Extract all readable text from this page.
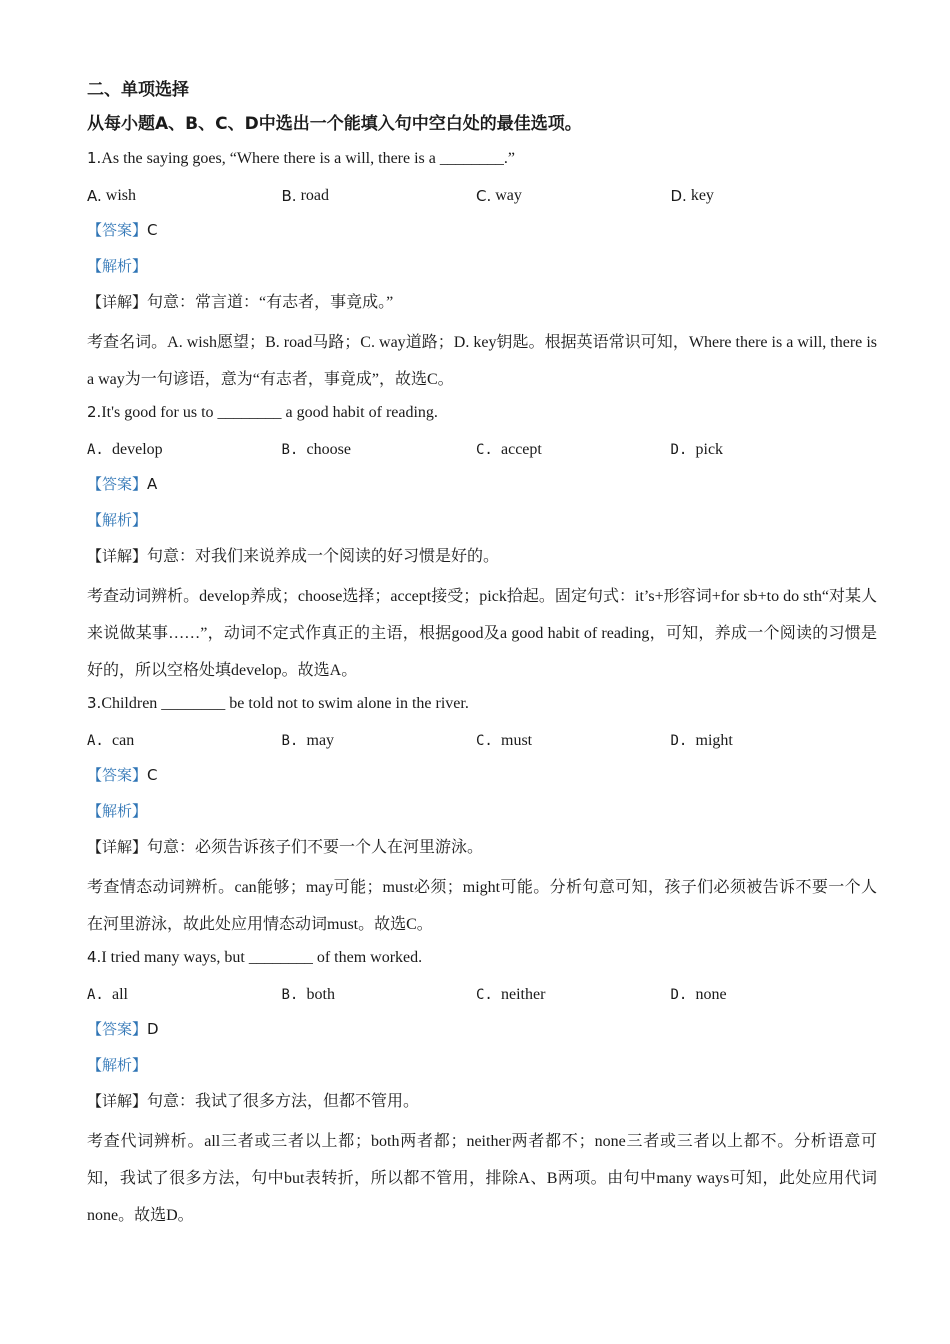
二、单项选择
从每小题A、B、C、D中选出一个能填入句中空白处的最佳选项。
1.As the saying goes, “Where there is a will, there is a ________.”
A. wish	B. road	C. way	D. key
【答案】C
【解析】
【详解】句意：常言道：“有志者，事竟成。”
考查名词。A. wish愿望；B. road马路；C. way道路；D. key钥匙。根据英语常识可知，Where there is a will, there is a way为一句谚语，意为“有志者，事竟成”，故选C。
2.It's good for us to ________ a good habit of reading.
A. develop	B. choose	C. accept	D. pick
【答案】A
【解析】
【详解】句意：对我们来说养成一个阅读的好习惯是好的。
考查动词辨析。develop养成；choose选择；accept接受；pick拾起。固定句式：it’s+形容词+for sb+to do sth“对某人来说做某事……”，动词不定式作真正的主语，根据good及a good habit of reading，可知，养成一个阅读的习惯是好的，所以空格处填develop。故选A。
3.Children ________ be told not to swim alone in the river.
A. can	B. may	C. must	D. might
【答案】C
【解析】
【详解】句意：必须告诉孩子们不要一个人在河里游泳。
考查情态动词辨析。can能够；may可能；must必须；might可能。分析句意可知，孩子们必须被告诉不要一个人在河里游泳，故此处应用情态动词must。故选C。
4.I tried many ways, but ________ of them worked.
A. all	B. both	C. neither	D. none
【答案】D
【解析】
【详解】句意：我试了很多方法，但都不管用。
考查代词辨析。all三者或三者以上都；both两者都；neither两者都不；none三者或三者以上都不。分析语意可知，我试了很多方法，句中but表转折，所以都不管用，排除A、B两项。由句中many ways可知，此处应用代词none。故选D。
